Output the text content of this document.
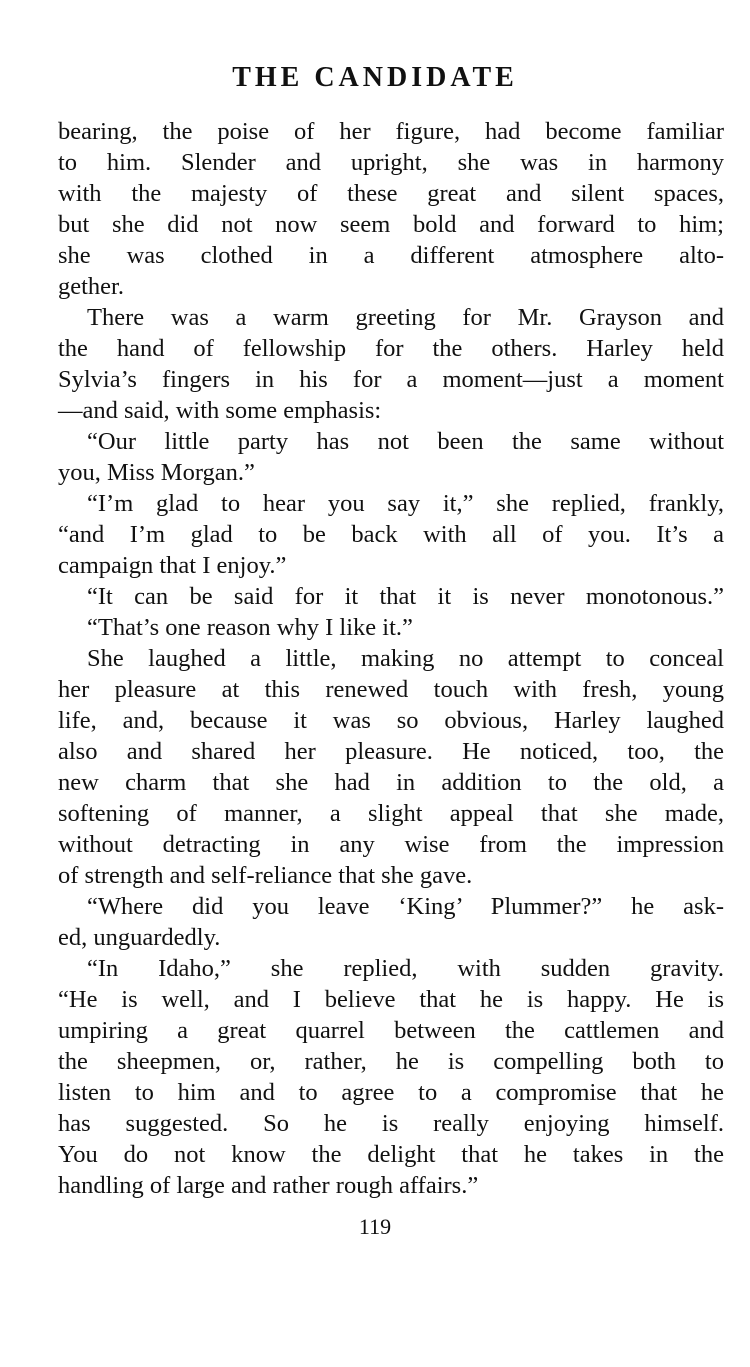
THE CANDIDATE
bearing, the poise of her figure, had become familiar
to him. Slender and upright, she was in harmony
with the majesty of these great and silent spaces,
but she did not now seem bold and forward to him;
she was clothed in a different atmosphere alto-
gether.
There was a warm greeting for Mr. Grayson and
the hand of fellowship for the others. Harley held
Sylvia’s fingers in his for a moment—just a moment
—and said, with some emphasis:
“Our little party has not been the same without
you, Miss Morgan.”
“I’m glad to hear you say it,” she replied, frankly,
“and I’m glad to be back with all of you. It’s a
campaign that I enjoy.”
“It can be said for it that it is never monotonous.”
“That’s one reason why I like it.”
She laughed a little, making no attempt to conceal
her pleasure at this renewed touch with fresh, young
life, and, because it was so obvious, Harley laughed
also and shared her pleasure. He noticed, too, the
new charm that she had in addition to the old, a
softening of manner, a slight appeal that she made,
without detracting in any wise from the impression
of strength and self-reliance that she gave.
“Where did you leave ‘King’ Plummer?” he ask-
ed, unguardedly.
“In Idaho,” she replied, with sudden gravity.
“He is well, and I believe that he is happy. He is
umpiring a great quarrel between the cattlemen and
the sheepmen, or, rather, he is compelling both to
listen to him and to agree to a compromise that he
has suggested. So he is really enjoying himself.
You do not know the delight that he takes in the
handling of large and rather rough affairs.”
119
